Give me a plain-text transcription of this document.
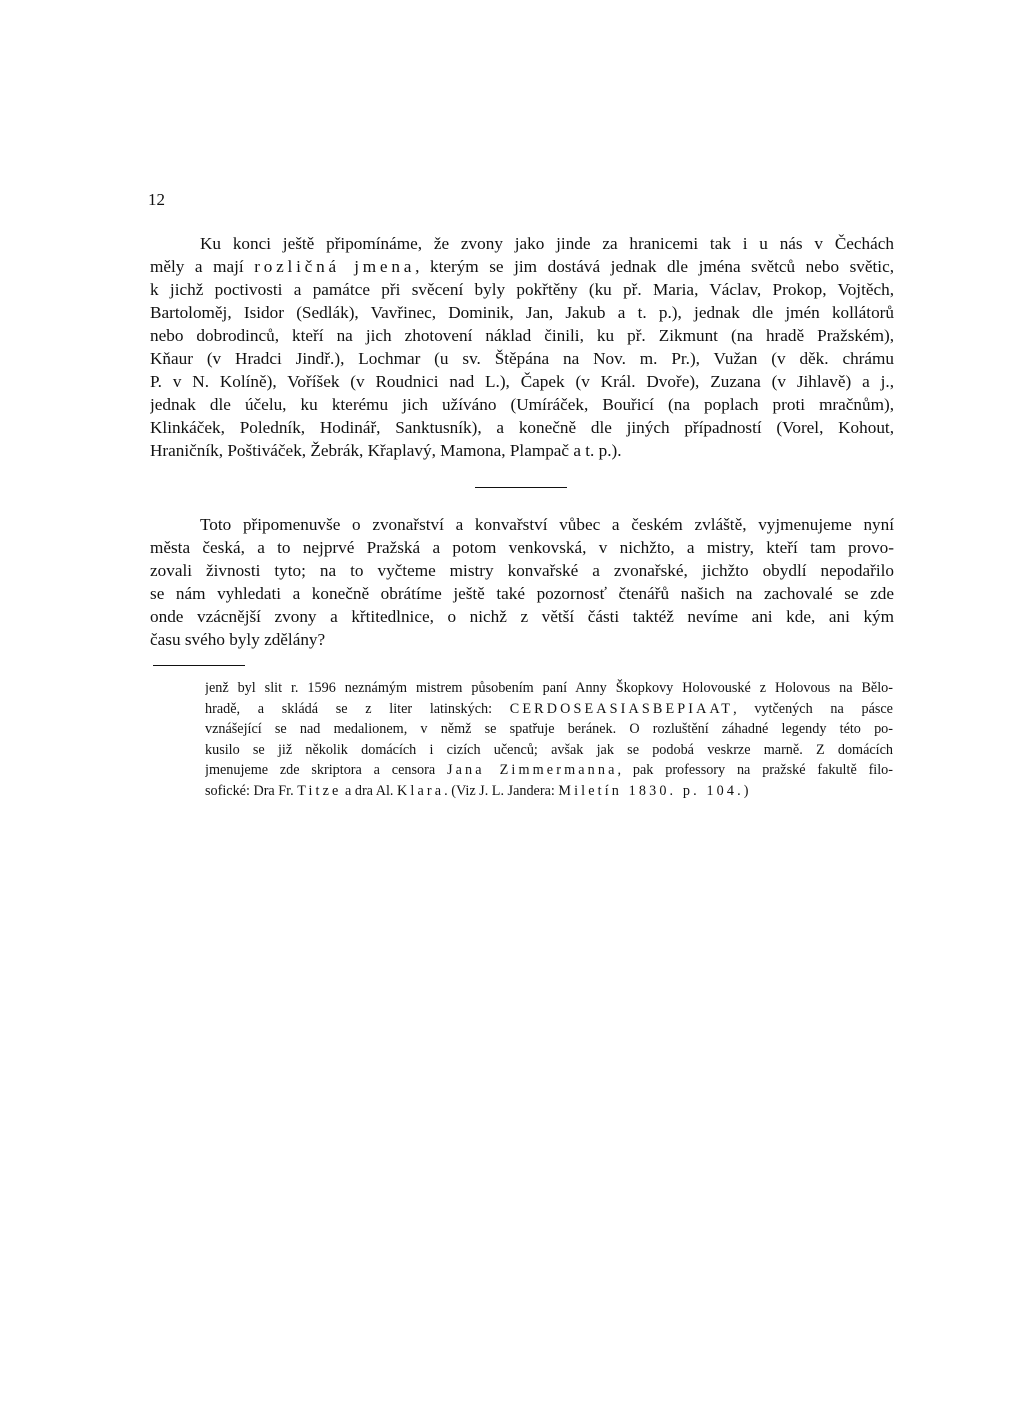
12
Ku konci ještě připomínáme, že zvony jako jinde za hranicemi tak i u nás v Čechách
měly a mají rozličná jmena, kterým se jim dostává jednak dle jména světců nebo světic,
k jichž poctivosti a památce při svěcení byly pokřtěny (ku př. Maria, Václav, Prokop, Vojtěch,
Bartoloměj, Isidor (Sedlák), Vavřinec, Dominik, Jan, Jakub a t. p.), jednak dle jmén kollátorů
nebo dobrodinců, kteří na jich zhotovení náklad činili, ku př. Zikmunt (na hradě Pražském),
Kňaur (v Hradci Jindř.), Lochmar (u sv. Štěpána na Nov. m. Pr.), Vužan (v děk. chrámu
P. v N. Kolíně), Voříšek (v Roudnici nad L.), Čapek (v Král. Dvoře), Zuzana (v Jihlavě) a j.,
jednak dle účelu, ku kterému jich užíváno (Umíráček, Bouřicí (na poplach proti mračnům),
Klinkáček, Poledník, Hodinář, Sanktusník), a konečně dle jiných případností (Vorel, Kohout,
Hraničník, Poštiváček, Žebrák, Křaplavý, Mamona, Plampač a t. p.).
Toto připomenuvše o zvonařství a konvařství vůbec a českém zvláště, vyjmenujeme nyní
města česká, a to nejprvé Pražská a potom venkovská, v nichžto, a mistry, kteří tam provo-
zovali živnosti tyto; na to vyčteme mistry konvařské a zvonařské, jichžto obydlí nepodařilo
se nám vyhledati a konečně obrátíme ještě také pozornosť čtenářů našich na zachovalé se zde
onde vzácnější zvony a křtitedlnice, o nichž z větší části taktéž nevíme ani kde, ani kým
času svého byly zdělány?
jenž byl slit r. 1596 neznámým mistrem působením paní Anny Škopkovy Holovouské z Holovous na Bělo-
hradě, a skládá se z liter latinských: CERDOSEASIASBEPIAAT, vytčených na pásce
vznášející se nad medalionem, v němž se spatřuje beránek. O rozluštění záhadné legendy této po-
kusilo se již několik domácích i cizích učenců; avšak jak se podobá veskrze marně. Z domácích
jmenujeme zde skriptora a censora Jana Zimmermanna, pak professory na pražské fakultě filo-
sofické: Dra Fr. Titze a dra Al. Klara. (Viz J. L. Jandera: Miletín 1830. p. 104.)
